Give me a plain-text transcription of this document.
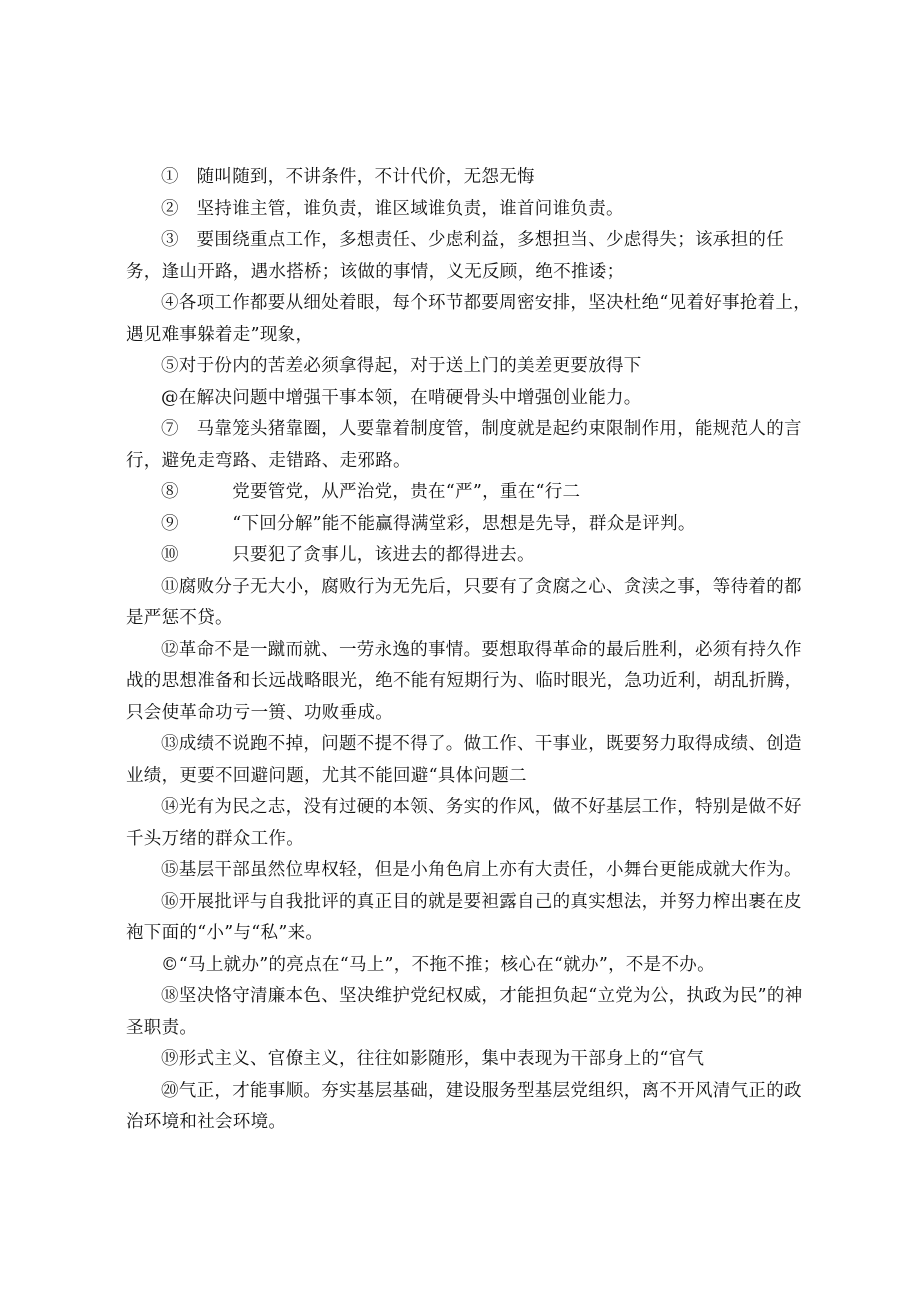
①　随叫随到，不讲条件，不计代价，无怨无悔

②　坚持谁主管，谁负责，谁区域谁负责，谁首问谁负责。

③　要围绕重点工作，多想责任、少虑利益，多想担当、少虑得失；该承担的任务，逢山开路，遇水搭桥；该做的事情，义无反顾，绝不推诿；

④各项工作都要从细处着眼，每个环节都要周密安排，坚决杜绝“见着好事抢着上，遇见难事躲着走”现象，

⑤对于份内的苦差必须拿得起，对于送上门的美差更要放得下

@在解决问题中增强干事本领，在啃硬骨头中增强创业能力。

⑦　马靠笼头猪靠圈，人要靠着制度管，制度就是起约束限制作用，能规范人的言行，避免走弯路、走错路、走邪路。

⑧　　　党要管党，从严治党，贵在“严”，重在“行二

⑨　　　“下回分解”能不能赢得满堂彩，思想是先导，群众是评判。

⑩　　　只要犯了贪事儿，该进去的都得进去。

⑪腐败分子无大小，腐败行为无先后，只要有了贪腐之心、贪渎之事，等待着的都是严惩不贷。

⑫革命不是一蹴而就、一劳永逸的事情。要想取得革命的最后胜利，必须有持久作战的思想准备和长远战略眼光，绝不能有短期行为、临时眼光，急功近利，胡乱折腾，只会使革命功亏一篑、功败垂成。

⑬成绩不说跑不掉，问题不提不得了。做工作、干事业，既要努力取得成绩、创造业绩，更要不回避问题，尤其不能回避“具体问题二

⑭光有为民之志，没有过硬的本领、务实的作风，做不好基层工作，特别是做不好千头万绪的群众工作。

⑮基层干部虽然位卑权轻，但是小角色肩上亦有大责任，小舞台更能成就大作为。

⑯开展批评与自我批评的真正目的就是要袒露自己的真实想法，并努力榨出裹在皮袍下面的“小”与“私”来。

©“马上就办”的亮点在“马上”，不拖不推；核心在“就办”，不是不办。

⑱坚决恪守清廉本色、坚决维护党纪权威，才能担负起“立党为公，执政为民”的神圣职责。

⑲形式主义、官僚主义，往往如影随形，集中表现为干部身上的“官气

⑳气正，才能事顺。夯实基层基础，建设服务型基层党组织，离不开风清气正的政治环境和社会环境。
